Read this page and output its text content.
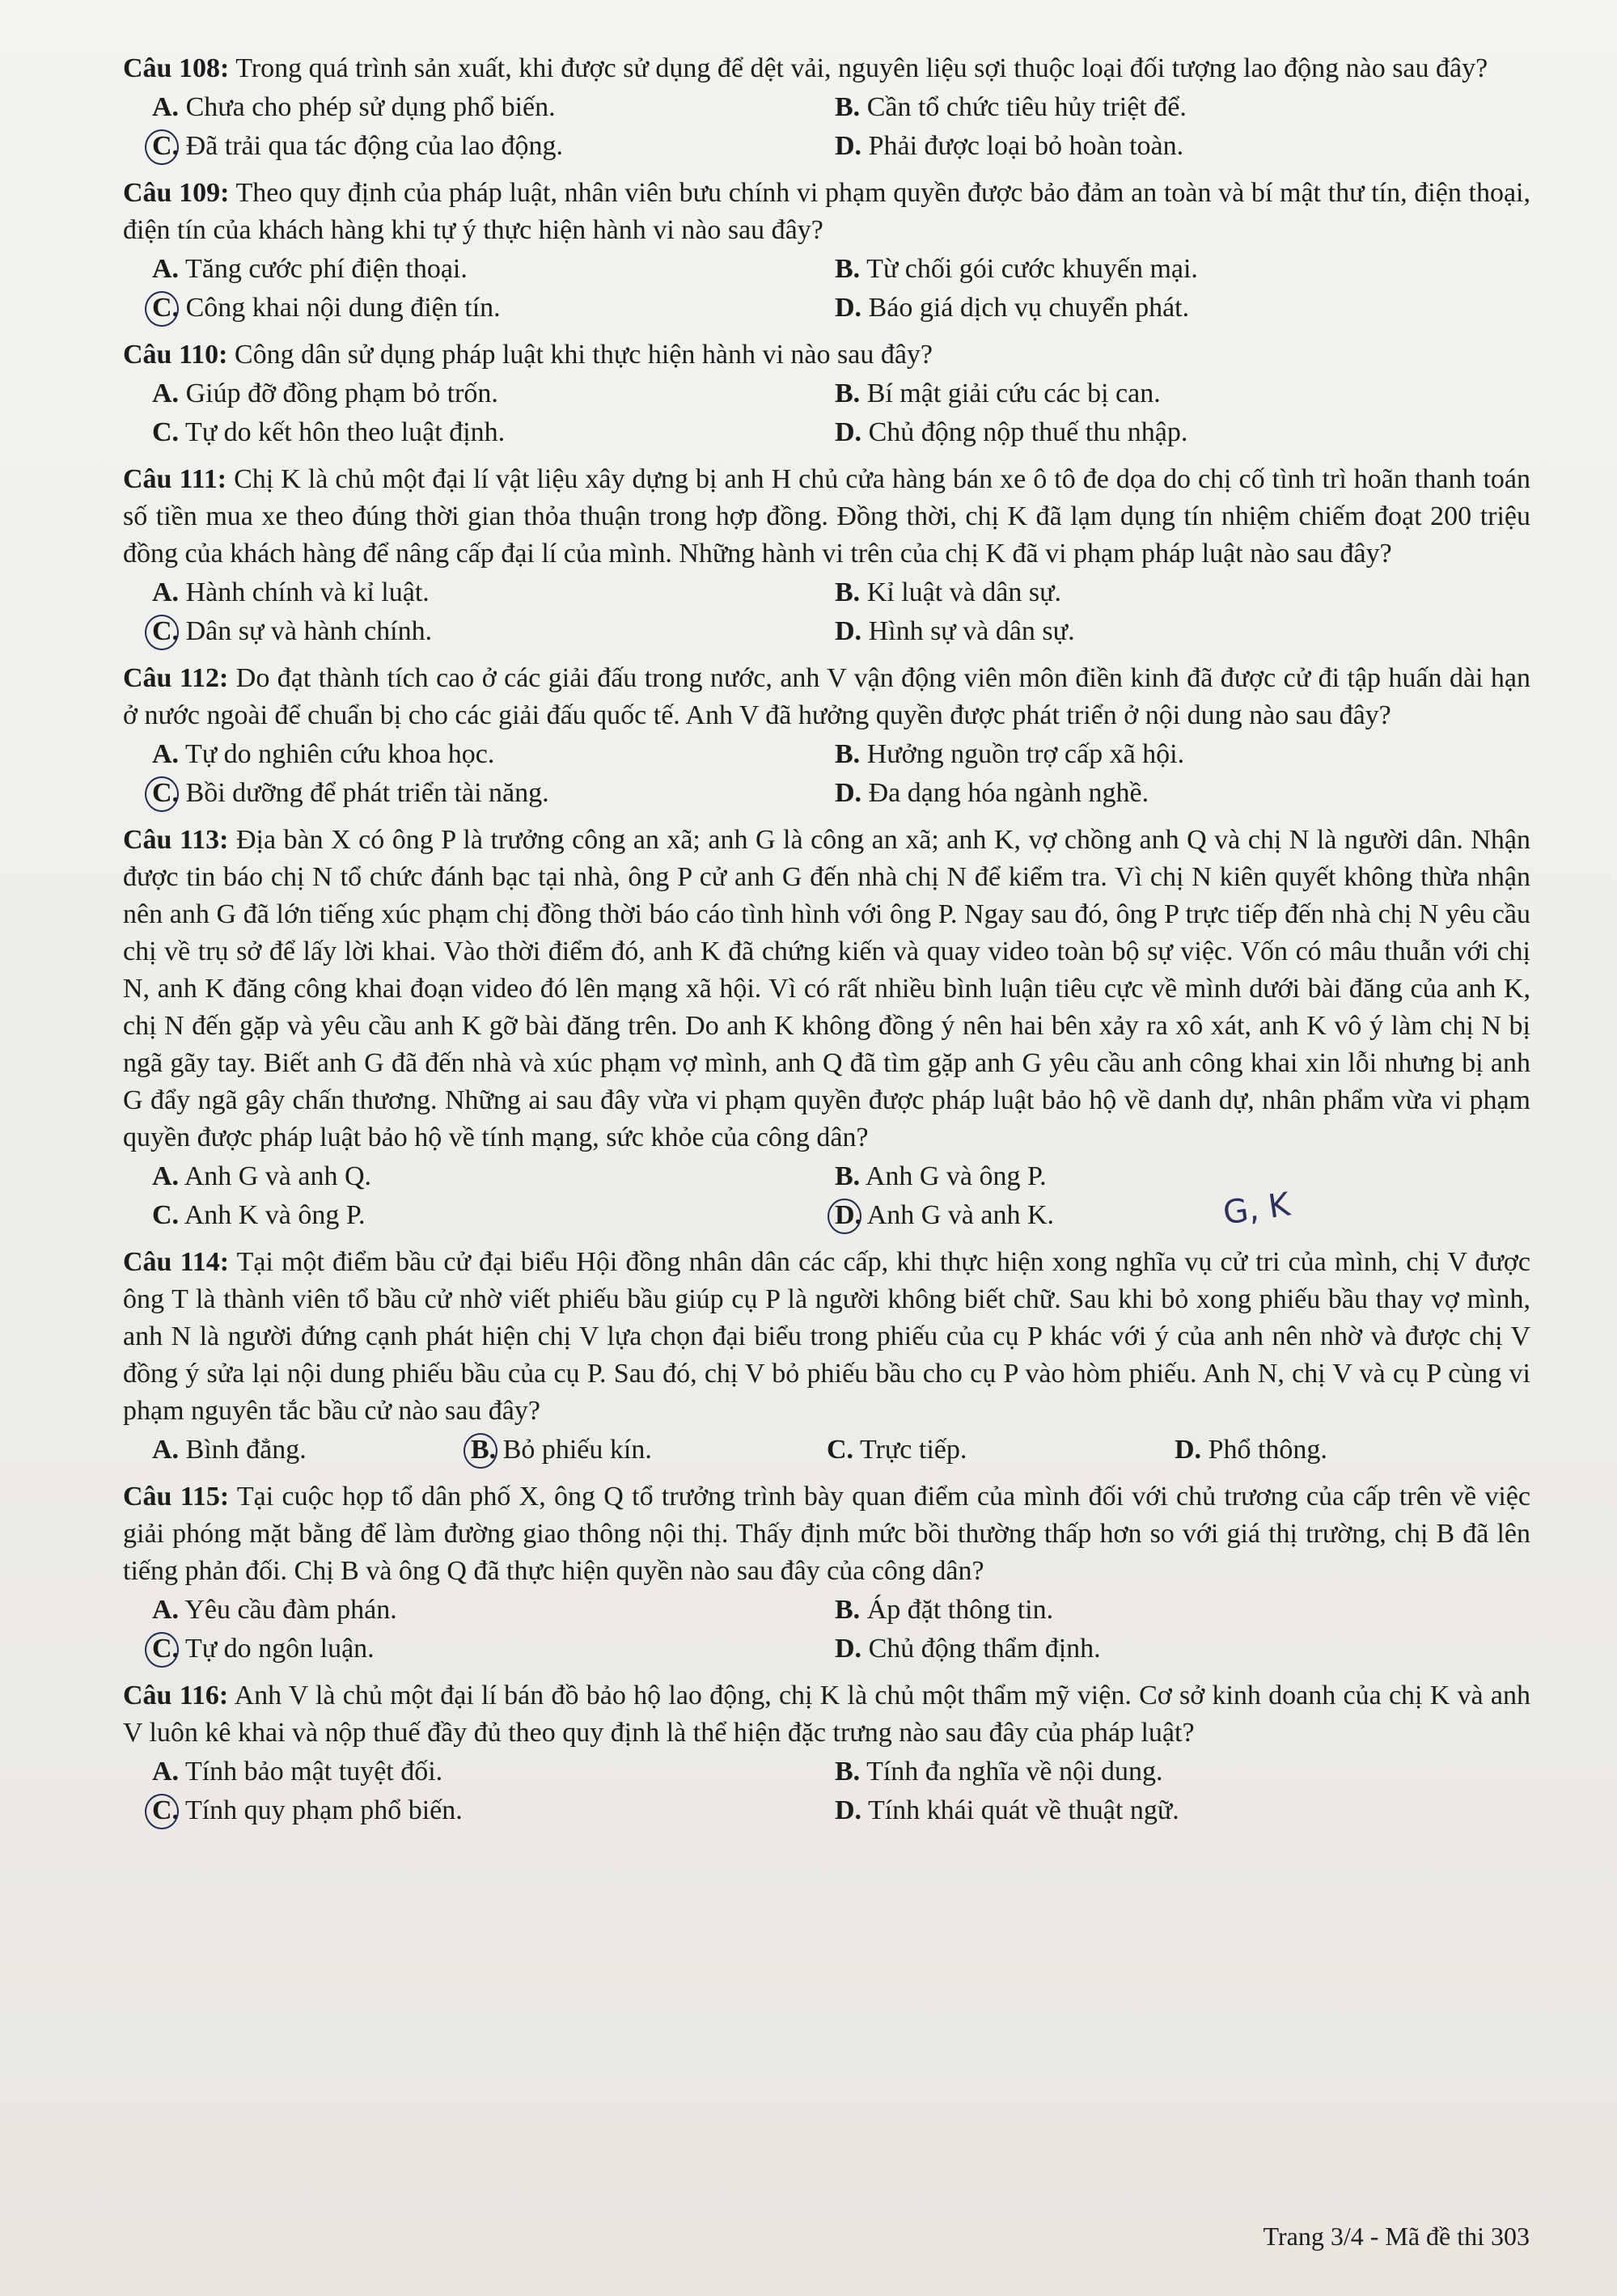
Câu 108: Trong quá trình sản xuất, khi được sử dụng để dệt vải, nguyên liệu sợi thuộc loại đối tượng lao động nào sau đây?

A. Chưa cho phép sử dụng phổ biến.	B. Cần tổ chức tiêu hủy triệt để.
C. Đã trải qua tác động của lao động.	D. Phải được loại bỏ hoàn toàn.

Câu 109: Theo quy định của pháp luật, nhân viên bưu chính vi phạm quyền được bảo đảm an toàn và bí mật thư tín, điện thoại, điện tín của khách hàng khi tự ý thực hiện hành vi nào sau đây?

A. Tăng cước phí điện thoại.	B. Từ chối gói cước khuyến mại.
C. Công khai nội dung điện tín.	D. Báo giá dịch vụ chuyển phát.

Câu 110: Công dân sử dụng pháp luật khi thực hiện hành vi nào sau đây?

A. Giúp đỡ đồng phạm bỏ trốn.	B. Bí mật giải cứu các bị can.
C. Tự do kết hôn theo luật định.	D. Chủ động nộp thuế thu nhập.

Câu 111: Chị K là chủ một đại lí vật liệu xây dựng bị anh H chủ cửa hàng bán xe ô tô đe dọa do chị cố tình trì hoãn thanh toán số tiền mua xe theo đúng thời gian thỏa thuận trong hợp đồng. Đồng thời, chị K đã lạm dụng tín nhiệm chiếm đoạt 200 triệu đồng của khách hàng để nâng cấp đại lí của mình. Những hành vi trên của chị K đã vi phạm pháp luật nào sau đây?

A. Hành chính và kỉ luật.	B. Kỉ luật và dân sự.
C. Dân sự và hành chính.	D. Hình sự và dân sự.

Câu 112: Do đạt thành tích cao ở các giải đấu trong nước, anh V vận động viên môn điền kinh đã được cử đi tập huấn dài hạn ở nước ngoài để chuẩn bị cho các giải đấu quốc tế. Anh V đã hưởng quyền được phát triển ở nội dung nào sau đây?

A. Tự do nghiên cứu khoa học.	B. Hưởng nguồn trợ cấp xã hội.
C. Bồi dưỡng để phát triển tài năng.	D. Đa dạng hóa ngành nghề.

Câu 113: Địa bàn X có ông P là trưởng công an xã; anh G là công an xã; anh K, vợ chồng anh Q và chị N là người dân. Nhận được tin báo chị N tổ chức đánh bạc tại nhà, ông P cử anh G đến nhà chị N để kiểm tra. Vì chị N kiên quyết không thừa nhận nên anh G đã lớn tiếng xúc phạm chị đồng thời báo cáo tình hình với ông P. Ngay sau đó, ông P trực tiếp đến nhà chị N yêu cầu chị về trụ sở để lấy lời khai. Vào thời điểm đó, anh K đã chứng kiến và quay video toàn bộ sự việc. Vốn có mâu thuẫn với chị N, anh K đăng công khai đoạn video đó lên mạng xã hội. Vì có rất nhiều bình luận tiêu cực về mình dưới bài đăng của anh K, chị N đến gặp và yêu cầu anh K gỡ bài đăng trên. Do anh K không đồng ý nên hai bên xảy ra xô xát, anh K vô ý làm chị N bị ngã gãy tay. Biết anh G đã đến nhà và xúc phạm vợ mình, anh Q đã tìm gặp anh G yêu cầu anh công khai xin lỗi nhưng bị anh G đẩy ngã gây chấn thương. Những ai sau đây vừa vi phạm quyền được pháp luật bảo hộ về danh dự, nhân phẩm vừa vi phạm quyền được pháp luật bảo hộ về tính mạng, sức khỏe của công dân?

A. Anh G và anh Q.	B. Anh G và ông P.
C. Anh K và ông P.	D. Anh G và anh K.	G, K

Câu 114: Tại một điểm bầu cử đại biểu Hội đồng nhân dân các cấp, khi thực hiện xong nghĩa vụ cử tri của mình, chị V được ông T là thành viên tổ bầu cử nhờ viết phiếu bầu giúp cụ P là người không biết chữ. Sau khi bỏ xong phiếu bầu thay vợ mình, anh N là người đứng cạnh phát hiện chị V lựa chọn đại biểu trong phiếu của cụ P khác với ý của anh nên nhờ và được chị V đồng ý sửa lại nội dung phiếu bầu của cụ P. Sau đó, chị V bỏ phiếu bầu cho cụ P vào hòm phiếu. Anh N, chị V và cụ P cùng vi phạm nguyên tắc bầu cử nào sau đây?

A. Bình đẳng.	B. Bỏ phiếu kín.	C. Trực tiếp.	D. Phổ thông.

Câu 115: Tại cuộc họp tổ dân phố X, ông Q tổ trưởng trình bày quan điểm của mình đối với chủ trương của cấp trên về việc giải phóng mặt bằng để làm đường giao thông nội thị. Thấy định mức bồi thường thấp hơn so với giá thị trường, chị B đã lên tiếng phản đối. Chị B và ông Q đã thực hiện quyền nào sau đây của công dân?

A. Yêu cầu đàm phán.	B. Áp đặt thông tin.
C. Tự do ngôn luận.	D. Chủ động thẩm định.

Câu 116: Anh V là chủ một đại lí bán đồ bảo hộ lao động, chị K là chủ một thẩm mỹ viện. Cơ sở kinh doanh của chị K và anh V luôn kê khai và nộp thuế đầy đủ theo quy định là thể hiện đặc trưng nào sau đây của pháp luật?

A. Tính bảo mật tuyệt đối.	B. Tính đa nghĩa về nội dung.
C. Tính quy phạm phổ biến.	D. Tính khái quát về thuật ngữ.
Trang 3/4 - Mã đề thi 303
